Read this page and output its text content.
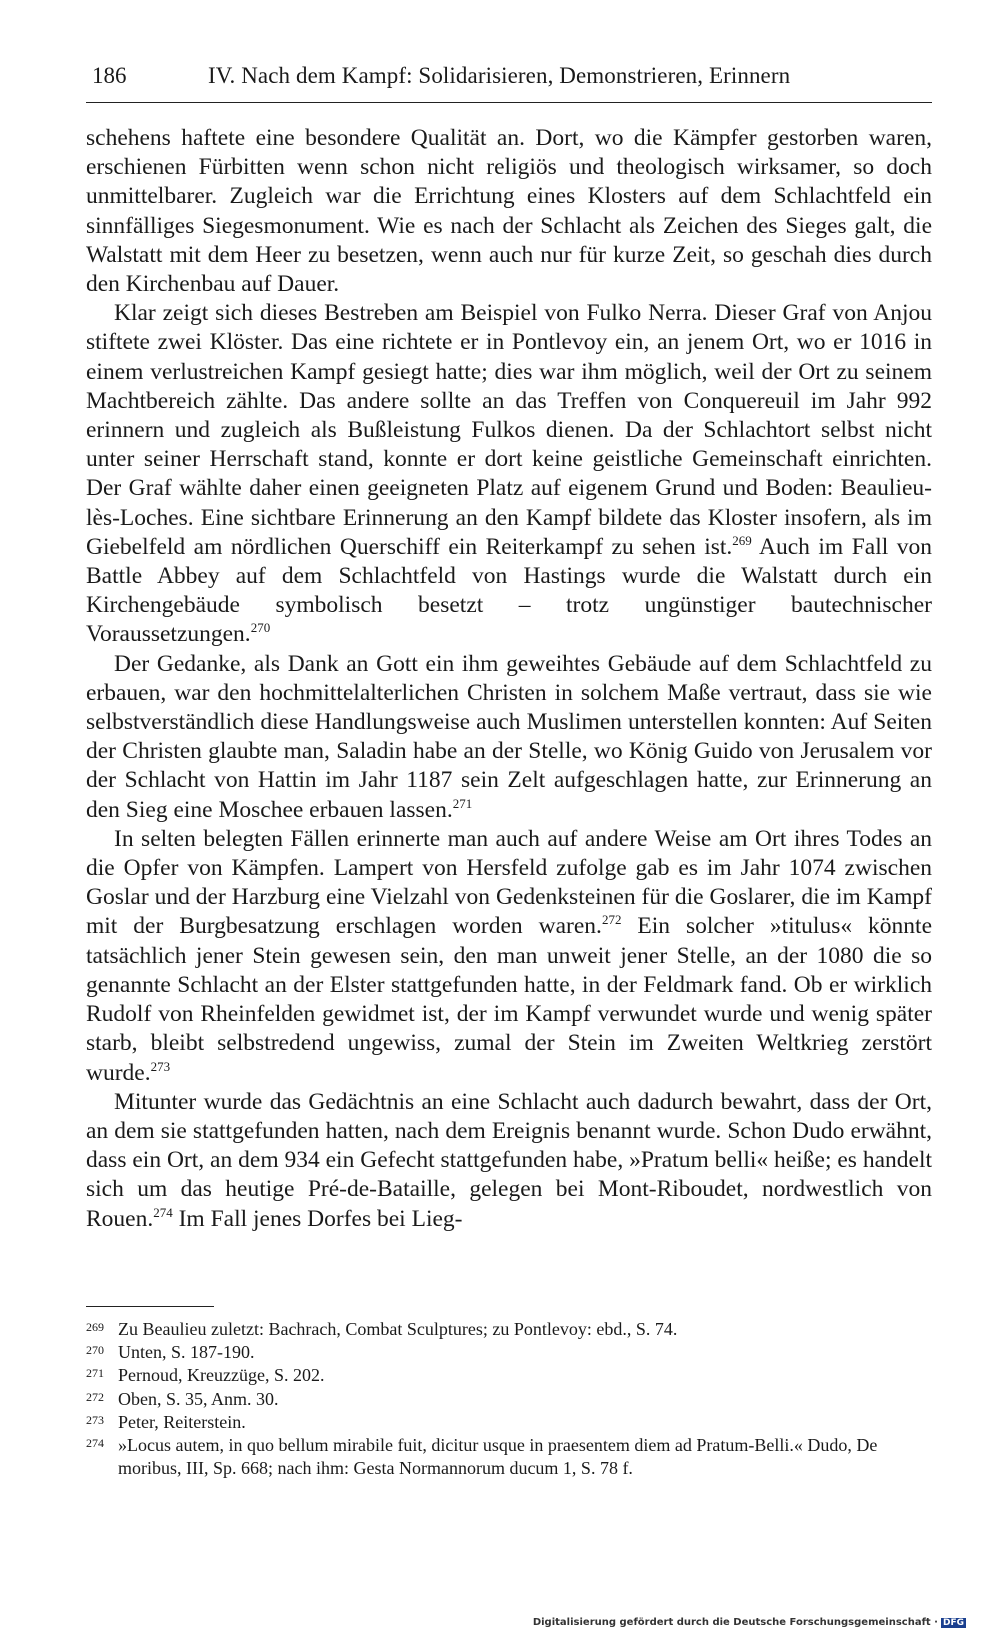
186	IV. Nach dem Kampf: Solidarisieren, Demonstrieren, Erinnern

schehens haftete eine besondere Qualität an. Dort, wo die Kämpfer gestorben waren, erschienen Fürbitten wenn schon nicht religiös und theologisch wirksamer, so doch unmittelbarer. Zugleich war die Errichtung eines Klosters auf dem Schlachtfeld ein sinnfälliges Siegesmonument. Wie es nach der Schlacht als Zeichen des Sieges galt, die Walstatt mit dem Heer zu besetzen, wenn auch nur für kurze Zeit, so geschah dies durch den Kirchenbau auf Dauer.

Klar zeigt sich dieses Bestreben am Beispiel von Fulko Nerra. Dieser Graf von Anjou stiftete zwei Klöster. Das eine richtete er in Pontlevoy ein, an jenem Ort, wo er 1016 in einem verlustreichen Kampf gesiegt hatte; dies war ihm möglich, weil der Ort zu seinem Machtbereich zählte. Das andere sollte an das Treffen von Conquereuil im Jahr 992 erinnern und zugleich als Bußleistung Fulkos dienen. Da der Schlachtort selbst nicht unter seiner Herrschaft stand, konnte er dort keine geistliche Gemeinschaft einrichten. Der Graf wählte daher einen geeigneten Platz auf eigenem Grund und Boden: Beaulieu-lès-Loches. Eine sichtbare Erinnerung an den Kampf bildete das Kloster insofern, als im Giebelfeld am nördlichen Querschiff ein Reiterkampf zu sehen ist.$^{269}$ Auch im Fall von Battle Abbey auf dem Schlachtfeld von Hastings wurde die Walstatt durch ein Kirchengebäude symbolisch besetzt – trotz ungünstiger bautechnischer Voraussetzungen.$^{270}$

Der Gedanke, als Dank an Gott ein ihm geweihtes Gebäude auf dem Schlachtfeld zu erbauen, war den hochmittelalterlichen Christen in solchem Maße vertraut, dass sie wie selbstverständlich diese Handlungsweise auch Muslimen unterstellen konnten: Auf Seiten der Christen glaubte man, Saladin habe an der Stelle, wo König Guido von Jerusalem vor der Schlacht von Hattin im Jahr 1187 sein Zelt aufgeschlagen hatte, zur Erinnerung an den Sieg eine Moschee erbauen lassen.$^{271}$

In selten belegten Fällen erinnerte man auch auf andere Weise am Ort ihres Todes an die Opfer von Kämpfen. Lampert von Hersfeld zufolge gab es im Jahr 1074 zwischen Goslar und der Harzburg eine Vielzahl von Gedenksteinen für die Goslarer, die im Kampf mit der Burgbesatzung erschlagen worden waren.$^{272}$ Ein solcher »titulus« könnte tatsächlich jener Stein gewesen sein, den man unweit jener Stelle, an der 1080 die so genannte Schlacht an der Elster stattgefunden hatte, in der Feldmark fand. Ob er wirklich Rudolf von Rheinfelden gewidmet ist, der im Kampf verwundet wurde und wenig später starb, bleibt selbstredend ungewiss, zumal der Stein im Zweiten Weltkrieg zerstört wurde.$^{273}$

Mitunter wurde das Gedächtnis an eine Schlacht auch dadurch bewahrt, dass der Ort, an dem sie stattgefunden hatten, nach dem Ereignis benannt wurde. Schon Dudo erwähnt, dass ein Ort, an dem 934 ein Gefecht stattgefunden habe, »Pratum belli« heiße; es handelt sich um das heutige Pré-de-Bataille, gelegen bei Mont-Riboudet, nordwestlich von Rouen.$^{274}$ Im Fall jenes Dorfes bei Lieg-

269 Zu Beaulieu zuletzt: Bachrach, Combat Sculptures; zu Pontlevoy: ebd., S. 74.
270 Unten, S. 187-190.
271 Pernoud, Kreuzzüge, S. 202.
272 Oben, S. 35, Anm. 30.
273 Peter, Reiterstein.
274 »Locus autem, in quo bellum mirabile fuit, dicitur usque in praesentem diem ad Pratum-Belli.« Dudo, De moribus, III, Sp. 668; nach ihm: Gesta Normannorum ducum 1, S. 78 f.
Digitalisierung gefördert durch die Deutsche Forschungsgemeinschaft · DFG
